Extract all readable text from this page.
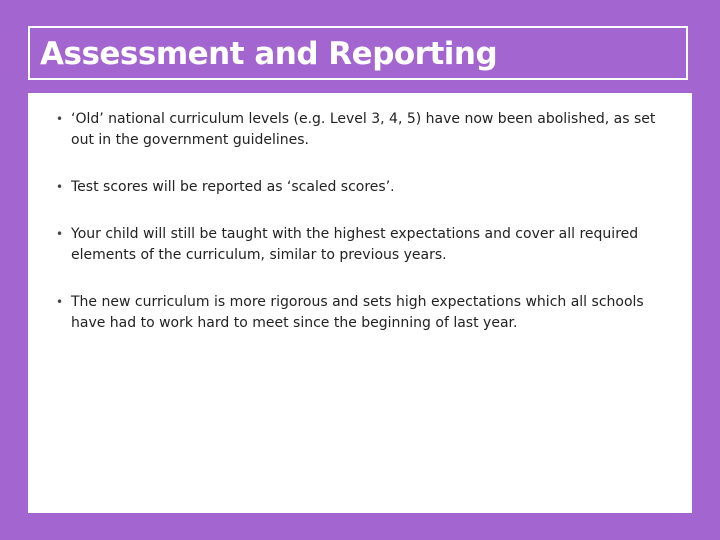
Assessment and Reporting
• ‘Old’ national curriculum levels (e.g. Level 3, 4, 5) have now been abolished, as set out in the government guidelines.
• Test scores will be reported as ‘scaled scores’.
• Your child will still be taught with the highest expectations and cover all required elements of the curriculum, similar to previous years.
• The new curriculum is more rigorous and sets high expectations which all schools have had to work hard to meet since the beginning of last year.
